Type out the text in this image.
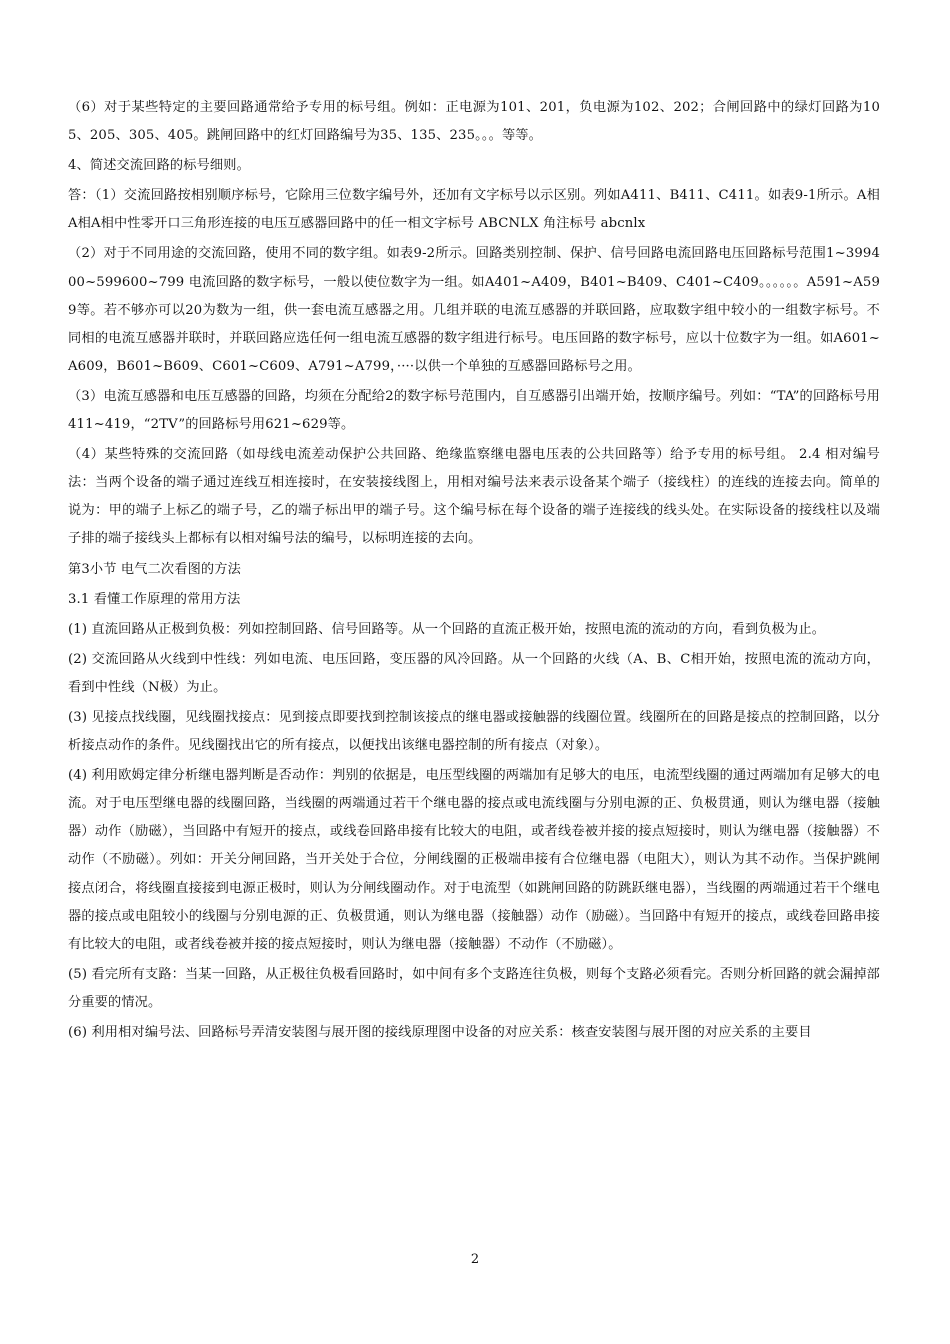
（6）对于某些特定的主要回路通常给予专用的标号组。例如：正电源为101、201，负电源为102、202；合闸回路中的绿灯回路为105、205、305、405。跳闸回路中的红灯回路编号为35、135、235。。。等等。

4、简述交流回路的标号细则。

答：（1）交流回路按相别顺序标号，它除用三位数字编号外，还加有文字标号以示区别。列如A411、B411、C411。如表9-1所示。A相A相A相中性零开口三角形连接的电压互感器回路中的任一相文字标号 ABCNLX 角注标号 abcnlx

（2）对于不同用途的交流回路，使用不同的数字组。如表9-2所示。回路类别控制、保护、信号回路电流回路电压回路标号范围1~399400~599600~799 电流回路的数字标号，一般以使位数字为一组。如A401~A409，B401~B409、C401~C409。。。。。。A591~A599等。若不够亦可以20为数为一组，供一套电流互感器之用。几组并联的电流互感器的并联回路，应取数字组中较小的一组数字标号。不同相的电流互感器并联时，并联回路应选任何一组电流互感器的数字组进行标号。电压回路的数字标号，应以十位数字为一组。如A601~A609，B601~B609、C601~C609、A791~A799，····以供一个单独的互感器回路标号之用。

（3）电流互感器和电压互感器的回路，均须在分配给2的数字标号范围内，自互感器引出端开始，按顺序编号。列如：“TA”的回路标号用411~419，“2TV”的回路标号用621~629等。

（4）某些特殊的交流回路（如母线电流差动保护公共回路、绝缘监察继电器电压表的公共回路等）给予专用的标号组。 2.4 相对编号法：当两个设备的端子通过连线互相连接时，在安装接线图上，用相对编号法来表示设备某个端子（接线柱）的连线的连接去向。简单的说为：甲的端子上标乙的端子号，乙的端子标出甲的端子号。这个编号标在每个设备的端子连接线的线头处。在实际设备的接线柱以及端子排的端子接线头上都标有以相对编号法的编号，以标明连接的去向。

第3小节 电气二次看图的方法

3.1 看懂工作原理的常用方法

(1) 直流回路从正极到负极：列如控制回路、信号回路等。从一个回路的直流正极开始，按照电流的流动的方向，看到负极为止。

(2) 交流回路从火线到中性线：列如电流、电压回路，变压器的风冷回路。从一个回路的火线（A、B、C相开始，按照电流的流动方向，看到中性线（N极）为止。

(3) 见接点找线圈，见线圈找接点：见到接点即要找到控制该接点的继电器或接触器的线圈位置。线圈所在的回路是接点的控制回路，以分析接点动作的条件。见线圈找出它的所有接点，以便找出该继电器控制的所有接点（对象）。

(4) 利用欧姆定律分析继电器判断是否动作：判别的依据是，电压型线圈的两端加有足够大的电压，电流型线圈的通过两端加有足够大的电流。对于电压型继电器的线圈回路，当线圈的两端通过若干个继电器的接点或电流线圈与分别电源的正、负极贯通，则认为继电器（接触器）动作（励磁），当回路中有短开的接点，或线卷回路串接有比较大的电阻，或者线卷被并接的接点短接时，则认为继电器（接触器）不动作（不励磁）。列如：开关分闸回路，当开关处于合位，分闸线圈的正极端串接有合位继电器（电阻大），则认为其不动作。当保护跳闸接点闭合，将线圈直接接到电源正极时，则认为分闸线圈动作。对于电流型（如跳闸回路的防跳跃继电器），当线圈的两端通过若干个继电器的接点或电阻较小的线圈与分别电源的正、负极贯通，则认为继电器（接触器）动作（励磁）。当回路中有短开的接点，或线卷回路串接有比较大的电阻，或者线卷被并接的接点短接时，则认为继电器（接触器）不动作（不励磁）。

(5) 看完所有支路：当某一回路，从正极往负极看回路时，如中间有多个支路连往负极，则每个支路必须看完。否则分析回路的就会漏掉部分重要的情况。

(6) 利用相对编号法、回路标号弄清安装图与展开图的接线原理图中设备的对应关系：核查安装图与展开图的对应关系的主要目

2
